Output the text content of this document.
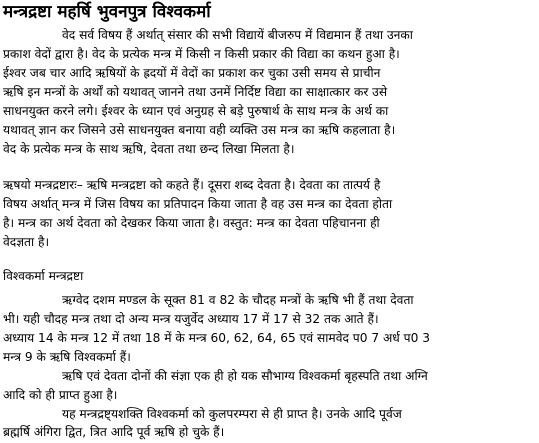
मन्त्रद्रष्टा महर्षि भुवनपुत्र विश्वकर्मा
वेद सर्व विषय हैं अर्थात् संसार की सभी विद्यायें बीजरुप में विद्यमान हैं तथा उनका
प्रकाश वेदों द्वारा है। वेद के प्रत्येक मन्त्र में किसी न किसी प्रकार की विद्या का कथन हुआ है।
ईश्वर जब चार आदि ऋषियों के ह्रदयों में वेदों का प्रकाश कर चुका उसी समय से प्राचीन
ऋषि इन मन्त्रों के अर्थों को यथावत् जानने तथा उनमें निर्दिष्ट विद्या का साक्षात्कार कर उसे
साधनयुक्त करने लगे। ईश्वर के ध्यान एवं अनुग्रह से बड़े पुरुषार्थ के साथ मन्त्र के अर्थ का
यथावत् ज्ञान कर जिसने उसे साधनयुक्त बनाया वही व्यक्ति उस मन्त्र का ऋषि कहलाता है।
वेद के प्रत्येक मन्त्र के साथ ऋषि, देवता तथा छन्द लिखा मिलता है।
ऋषयो मन्त्रद्रष्टारः– ऋषि मन्त्रद्रष्टा को कहते हैं। दूसरा शब्द देवता है। देवता का तात्पर्य है
विषय अर्थात् मन्त्र में जिस विषय का प्रतिपादन किया जाता है वह उस मन्त्र का देवता होता
है। मन्त्र का अर्थ देवता को देखकर किया जाता है। वस्तुत: मन्त्र का देवता पहिचानना ही
वेदज्ञता है।
विश्वकर्मा मन्त्रद्रष्टा
ऋग्वेद दशम मण्डल के सूक्त 81 व 82 के चौदह मन्त्रों के ऋषि भी हैं तथा देवता
भी। यही चौदह मन्त्र तथा दो अन्य मन्त्र यजुर्वेद अध्याय 17 में 17 से 32 तक आते हैं।
अध्याय 14 के मन्त्र 12 में तथा 18 में के मन्त्र 60, 62, 64, 65 एवं सामवेद प0 7 अर्ध प0 3
मन्त्र 9 के ऋषि विश्वकर्मा हैं।
ऋषि एवं देवता दोनों की संज्ञा एक ही हो यक सौभाग्य विश्वकर्मा बृहस्पति तथा अग्नि
आदि को ही प्राप्त हुआ है।
यह मन्त्रद्रष्ट्यशक्ति विश्वकर्मा को कुलपरम्परा से ही प्राप्त है। उनके आदि पूर्वज
ब्रह्मर्षि अंगिरा द्वित, त्रित आदि पूर्व ऋषि हो चुके हैं।
